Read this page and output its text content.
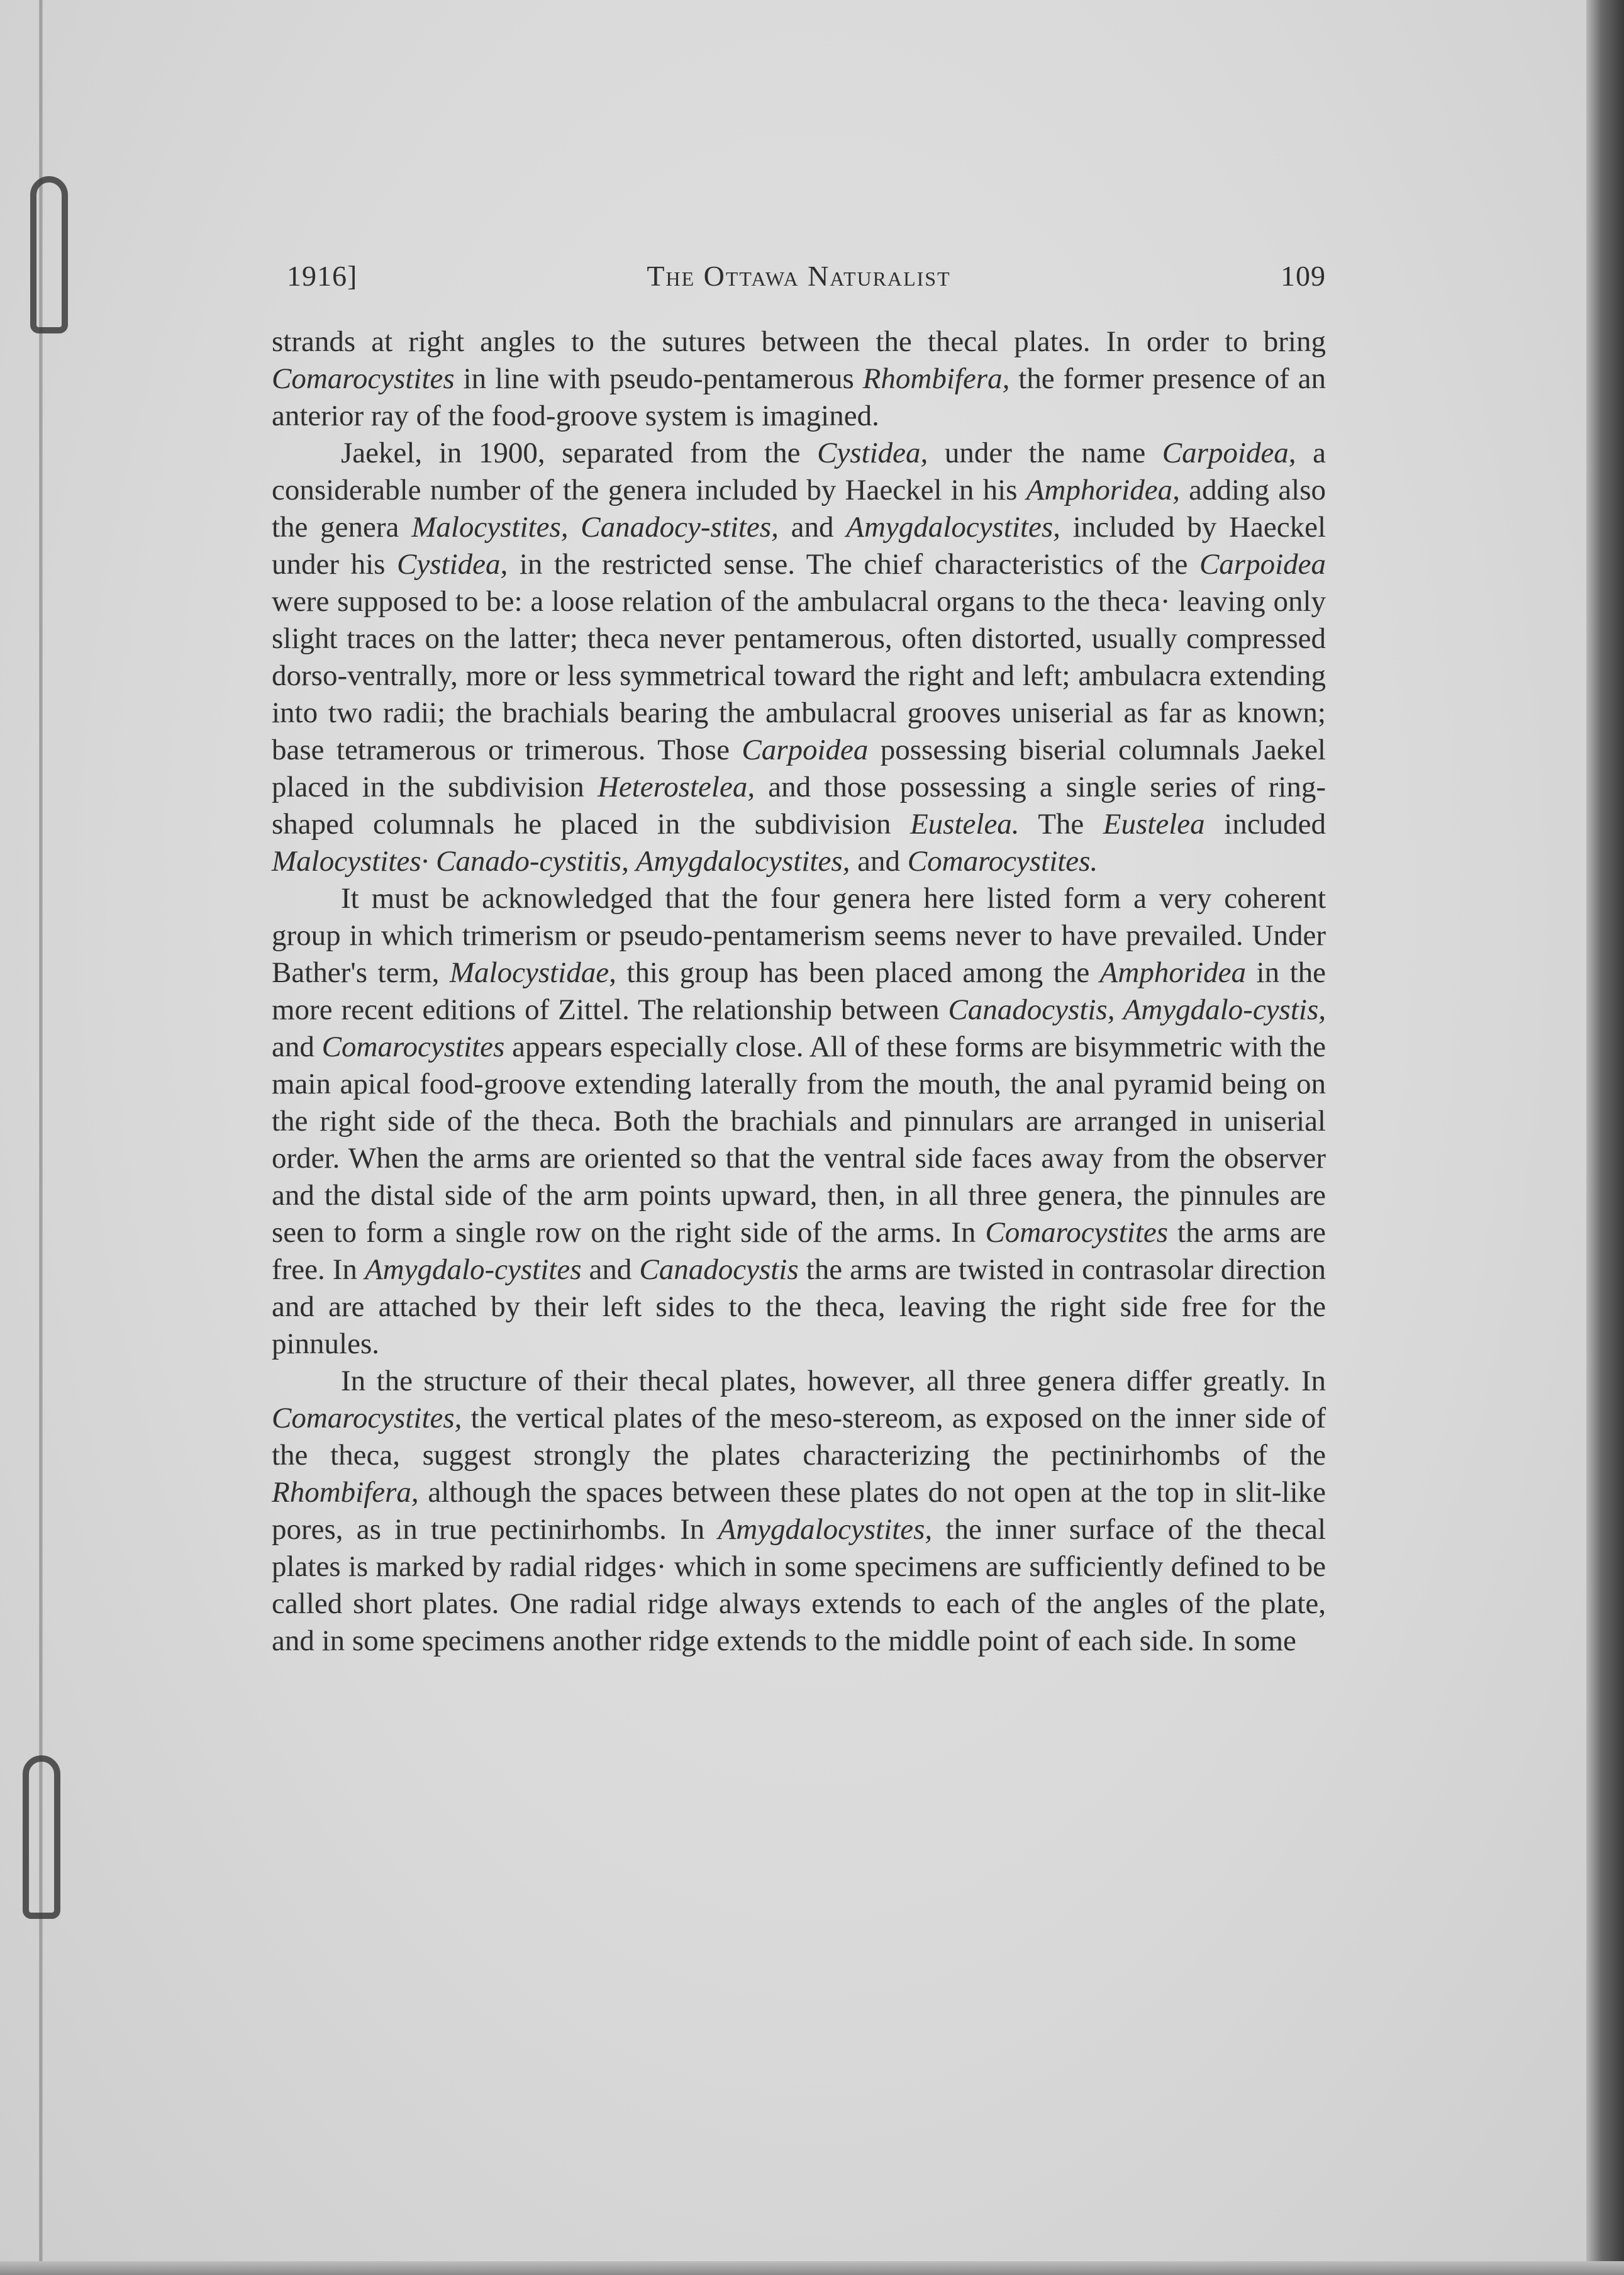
1916]	The Ottawa Naturalist	109

strands at right angles to the sutures between the thecal plates. In order to bring Comarocystites in line with pseudo-pentamerous Rhombifera, the former presence of an anterior ray of the food-groove system is imagined.

Jaekel, in 1900, separated from the Cystidea, under the name Carpoidea, a considerable number of the genera included by Haeckel in his Amphoridea, adding also the genera Malocystites, Canadocy-stites, and Amygdalocystites, included by Haeckel under his Cystidea, in the restricted sense. The chief characteristics of the Carpoidea were supposed to be: a loose relation of the ambulacral organs to the theca· leaving only slight traces on the latter; theca never pentamerous, often distorted, usually compressed dorso-ventrally, more or less symmetrical toward the right and left; ambulacra extending into two radii; the brachials bearing the ambulacral grooves uniserial as far as known; base tetramerous or trimerous. Those Carpoidea possessing biserial columnals Jaekel placed in the subdivision Heterostelea, and those possessing a single series of ring-shaped columnals he placed in the subdivision Eustelea. The Eustelea included Malocystites· Canado-cystitis, Amygdalocystites, and Comarocystites.

It must be acknowledged that the four genera here listed form a very coherent group in which trimerism or pseudo-pentamerism seems never to have prevailed. Under Bather's term, Malocystidae, this group has been placed among the Amphoridea in the more recent editions of Zittel. The relationship between Canadocystis, Amygdalo-cystis, and Comarocystites appears especially close. All of these forms are bisymmetric with the main apical food-groove extending laterally from the mouth, the anal pyramid being on the right side of the theca. Both the brachials and pinnulars are arranged in uniserial order. When the arms are oriented so that the ventral side faces away from the observer and the distal side of the arm points upward, then, in all three genera, the pinnules are seen to form a single row on the right side of the arms. In Comarocystites the arms are free. In Amygdalo-cystites and Canadocystis the arms are twisted in contrasolar direction and are attached by their left sides to the theca, leaving the right side free for the pinnules.

In the structure of their thecal plates, however, all three genera differ greatly. In Comarocystites, the vertical plates of the meso-stereom, as exposed on the inner side of the theca, suggest strongly the plates characterizing the pectinirhombs of the Rhombifera, although the spaces between these plates do not open at the top in slit-like pores, as in true pectinirhombs. In Amygdalocystites, the inner surface of the thecal plates is marked by radial ridges· which in some specimens are sufficiently defined to be called short plates. One radial ridge always extends to each of the angles of the plate, and in some specimens another ridge extends to the middle point of each side. In some
